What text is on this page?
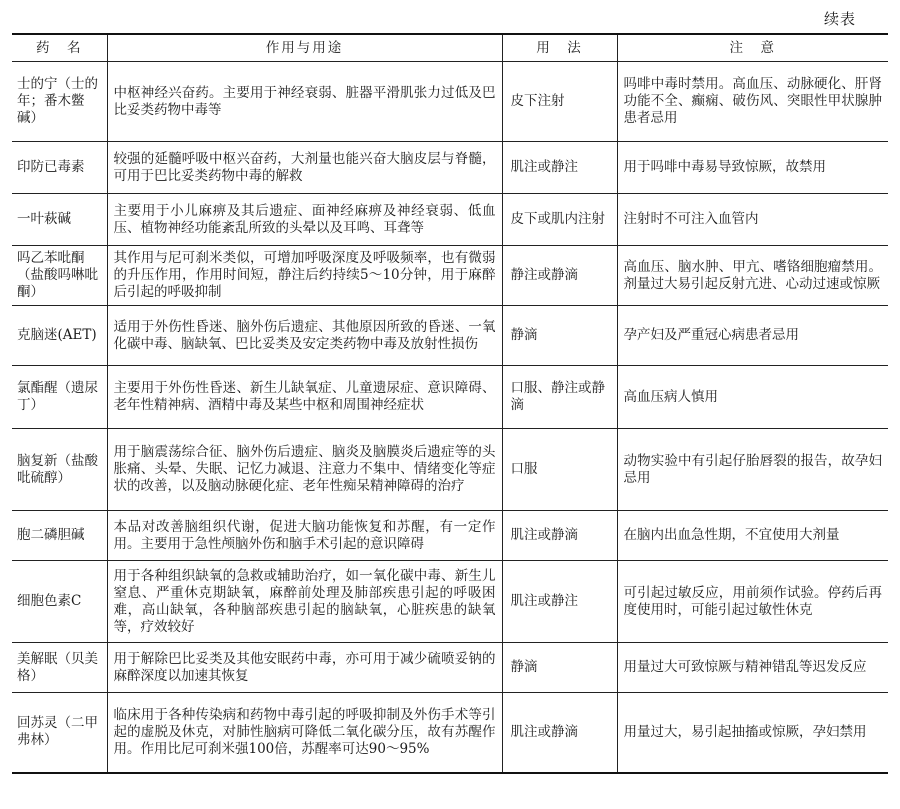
续表
药　名	作用与用途	用　法	注　意
士的宁（士的年；番木鳖碱）	中枢神经兴奋药。主要用于神经衰弱、脏器平滑肌张力过低及巴比妥类药物中毒等	皮下注射	吗啡中毒时禁用。高血压、动脉硬化、肝肾功能不全、癫痫、破伤风、突眼性甲状腺肿患者忌用
印防已毒素	较强的延髓呼吸中枢兴奋药，大剂量也能兴奋大脑皮层与脊髓，可用于巴比妥类药物中毒的解救	肌注或静注	用于吗啡中毒易导致惊厥，故禁用
一叶萩碱	主要用于小儿麻痹及其后遗症、面神经麻痹及神经衰弱、低血压、植物神经功能紊乱所致的头晕以及耳鸣、耳聋等	皮下或肌内注射	注射时不可注入血管内
吗乙苯吡酮（盐酸吗啉吡酮）	其作用与尼可刹米类似，可增加呼吸深度及呼吸频率，也有微弱的升压作用，作用时间短，静注后约持续5～10分钟，用于麻醉后引起的呼吸抑制	静注或静滴	高血压、脑水肿、甲亢、嗜铬细胞瘤禁用。剂量过大易引起反射亢进、心动过速或惊厥
克脑迷(AET)	适用于外伤性昏迷、脑外伤后遗症、其他原因所致的昏迷、一氧化碳中毒、脑缺氧、巴比妥类及安定类药物中毒及放射性损伤	静滴	孕产妇及严重冠心病患者忌用
氯酯醒（遗尿丁）	主要用于外伤性昏迷、新生儿缺氧症、儿童遗尿症、意识障碍、老年性精神病、酒精中毒及某些中枢和周围神经症状	口服、静注或静滴	高血压病人慎用
脑复新（盐酸吡硫醇）	用于脑震荡综合征、脑外伤后遗症、脑炎及脑膜炎后遗症等的头胀痛、头晕、失眠、记忆力减退、注意力不集中、情绪变化等症状的改善，以及脑动脉硬化症、老年性痴呆精神障碍的治疗	口服	动物实验中有引起仔胎唇裂的报告，故孕妇忌用
胞二磷胆碱	本品对改善脑组织代谢，促进大脑功能恢复和苏醒，有一定作用。主要用于急性颅脑外伤和脑手术引起的意识障碍	肌注或静滴	在脑内出血急性期，不宜使用大剂量
细胞色素C	用于各种组织缺氧的急救或辅助治疗，如一氧化碳中毒、新生儿窒息、严重休克期缺氧，麻醉前处理及肺部疾患引起的呼吸困难，高山缺氧，各种脑部疾患引起的脑缺氧，心脏疾患的缺氧等，疗效较好	肌注或静注	可引起过敏反应，用前须作试验。停药后再度使用时，可能引起过敏性休克
美解眠（贝美格）	用于解除巴比妥类及其他安眠药中毒，亦可用于减少硫喷妥钠的麻醉深度以加速其恢复	静滴	用量过大可致惊厥与精神错乱等迟发反应
回苏灵（二甲弗林）	临床用于各种传染病和药物中毒引起的呼吸抑制及外伤手术等引起的虚脱及休克，对肺性脑病可降低二氧化碳分压，故有苏醒作用。作用比尼可刹米强100倍，苏醒率可达90～95%	肌注或静滴	用量过大，易引起抽搐或惊厥，孕妇禁用
